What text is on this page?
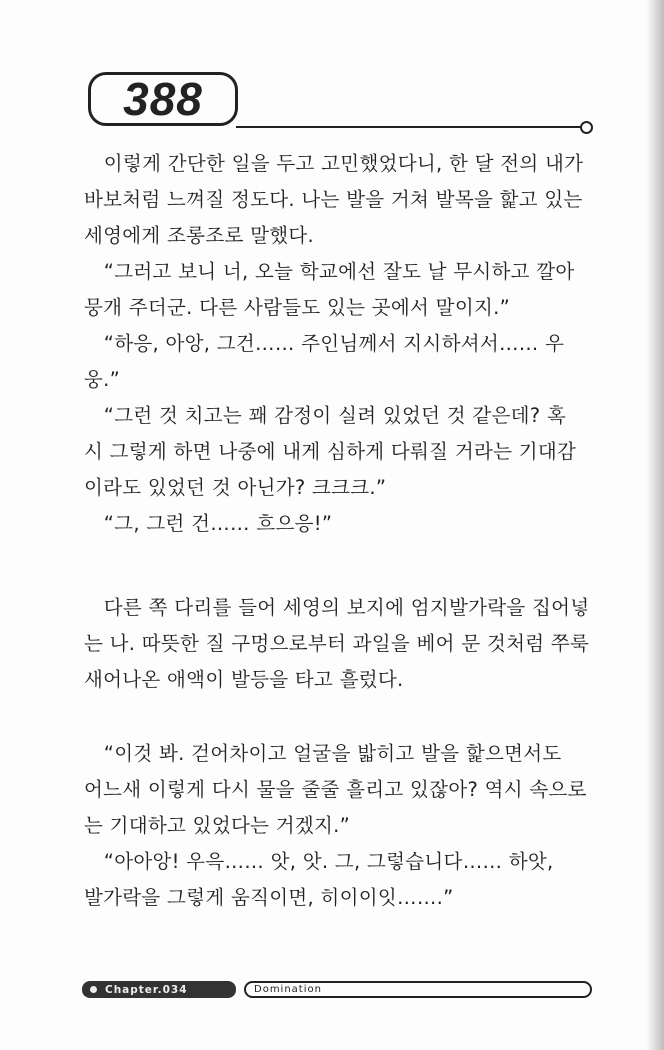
388
　이렇게 간단한 일을 두고 고민했었다니, 한 달 전의 내가
바보처럼 느껴질 정도다. 나는 발을 거쳐 발목을 핥고 있는
세영에게 조롱조로 말했다.
　“그러고 보니 너, 오늘 학교에선 잘도 날 무시하고 깔아
뭉개 주더군. 다른 사람들도 있는 곳에서 말이지.”
　“하응, 아앙, 그건…… 주인님께서 지시하셔서…… 우
웅.”
　“그런 것 치고는 꽤 감정이 실려 있었던 것 같은데? 혹
시 그렇게 하면 나중에 내게 심하게 다뤄질 거라는 기대감
이라도 있었던 것 아닌가? 크크크.”
　“그, 그런 건…… 흐으응!”
　다른 쪽 다리를 들어 세영의 보지에 엄지발가락을 집어넣
는 나. 따뜻한 질 구멍으로부터 과일을 베어 문 것처럼 쭈룩
새어나온 애액이 발등을 타고 흘렀다.
　“이것 봐. 걷어차이고 얼굴을 밟히고 발을 핥으면서도
어느새 이렇게 다시 물을 줄줄 흘리고 있잖아? 역시 속으로
는 기대하고 있었다는 거겠지.”
　“아아앙! 우윽…… 앗, 앗. 그, 그렇습니다…… 하앗,
발가락을 그렇게 움직이면, 히이이잇…….”
Chapter.034	Domination
